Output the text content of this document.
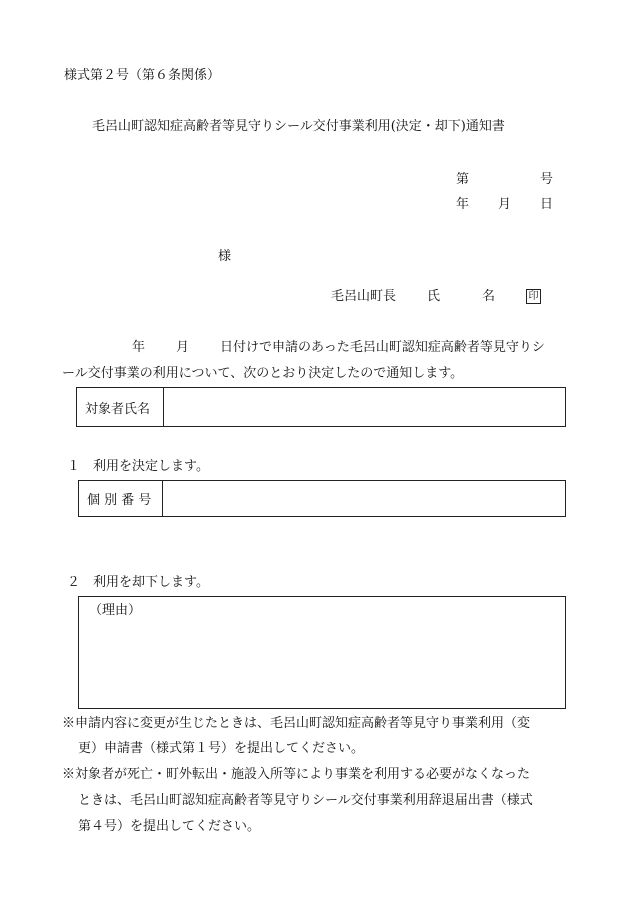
様式第２号（第６条関係）
毛呂山町認知症高齢者等見守りシール交付事業利用(決定・却下)通知書
第	号
年 月 日
様
毛呂山町長 氏	名	印
年 月 日付けで申請のあった毛呂山町認知症高齢者等見守りシ
ール交付事業の利用について、次のとおり決定したので通知します。
対象者氏名
１　利用を決定します。
個 別 番 号
２　利用を却下します。
（理由）
※申請内容に変更が生じたときは、毛呂山町認知症高齢者等見守り事業利用（変
更）申請書（様式第１号）を提出してください。
※対象者が死亡・町外転出・施設入所等により事業を利用する必要がなくなった
ときは、毛呂山町認知症高齢者等見守りシール交付事業利用辞退届出書（様式
第４号）を提出してください。
